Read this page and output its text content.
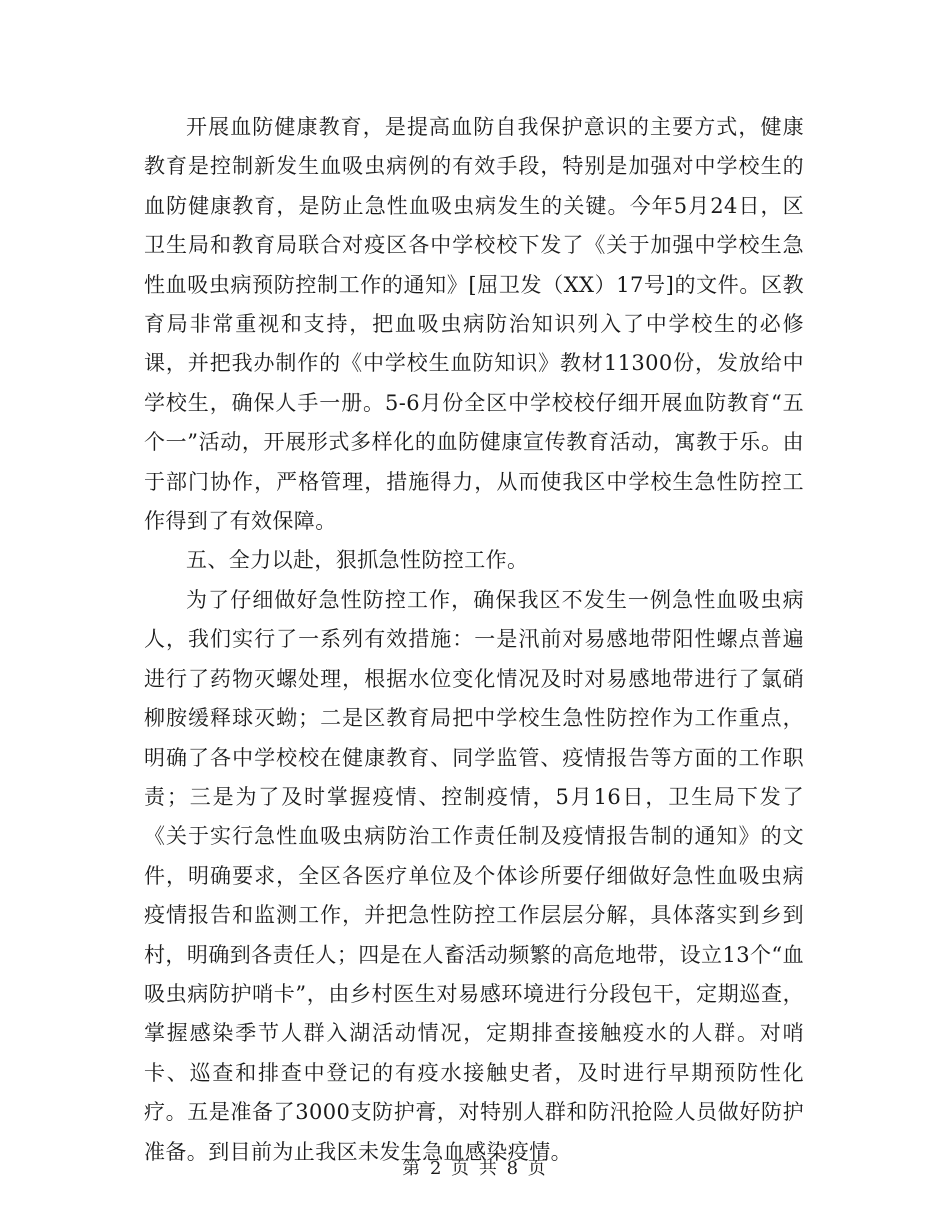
开展血防健康教育，是提高血防自我保护意识的主要方式，健康教育是控制新发生血吸虫病例的有效手段，特别是加强对中学校生的血防健康教育，是防止急性血吸虫病发生的关键。今年5月24日，区卫生局和教育局联合对疫区各中学校校下发了《关于加强中学校生急性血吸虫病预防控制工作的通知》[屈卫发（XX）17号]的文件。区教育局非常重视和支持，把血吸虫病防治知识列入了中学校生的必修课，并把我办制作的《中学校生血防知识》教材11300份，发放给中学校生，确保人手一册。5-6月份全区中学校校仔细开展血防教育“五个一”活动，开展形式多样化的血防健康宣传教育活动，寓教于乐。由于部门协作，严格管理，措施得力，从而使我区中学校生急性防控工作得到了有效保障。

五、全力以赴，狠抓急性防控工作。

为了仔细做好急性防控工作，确保我区不发生一例急性血吸虫病人，我们实行了一系列有效措施：一是汛前对易感地带阳性螺点普遍进行了药物灭螺处理，根据水位变化情况及时对易感地带进行了氯硝柳胺缓释球灭蚴；二是区教育局把中学校生急性防控作为工作重点，明确了各中学校校在健康教育、同学监管、疫情报告等方面的工作职责；三是为了及时掌握疫情、控制疫情，5月16日，卫生局下发了《关于实行急性血吸虫病防治工作责任制及疫情报告制的通知》的文件，明确要求，全区各医疗单位及个体诊所要仔细做好急性血吸虫病疫情报告和监测工作，并把急性防控工作层层分解，具体落实到乡到村，明确到各责任人；四是在人畜活动频繁的高危地带，设立13个“血吸虫病防护哨卡”，由乡村医生对易感环境进行分段包干，定期巡查，掌握感染季节人群入湖活动情况，定期排查接触疫水的人群。对哨卡、巡查和排查中登记的有疫水接触史者，及时进行早期预防性化疗。五是准备了3000支防护膏，对特别人群和防汛抢险人员做好防护准备。到目前为止我区未发生急血感染疫情。

第 2 页 共 8 页
